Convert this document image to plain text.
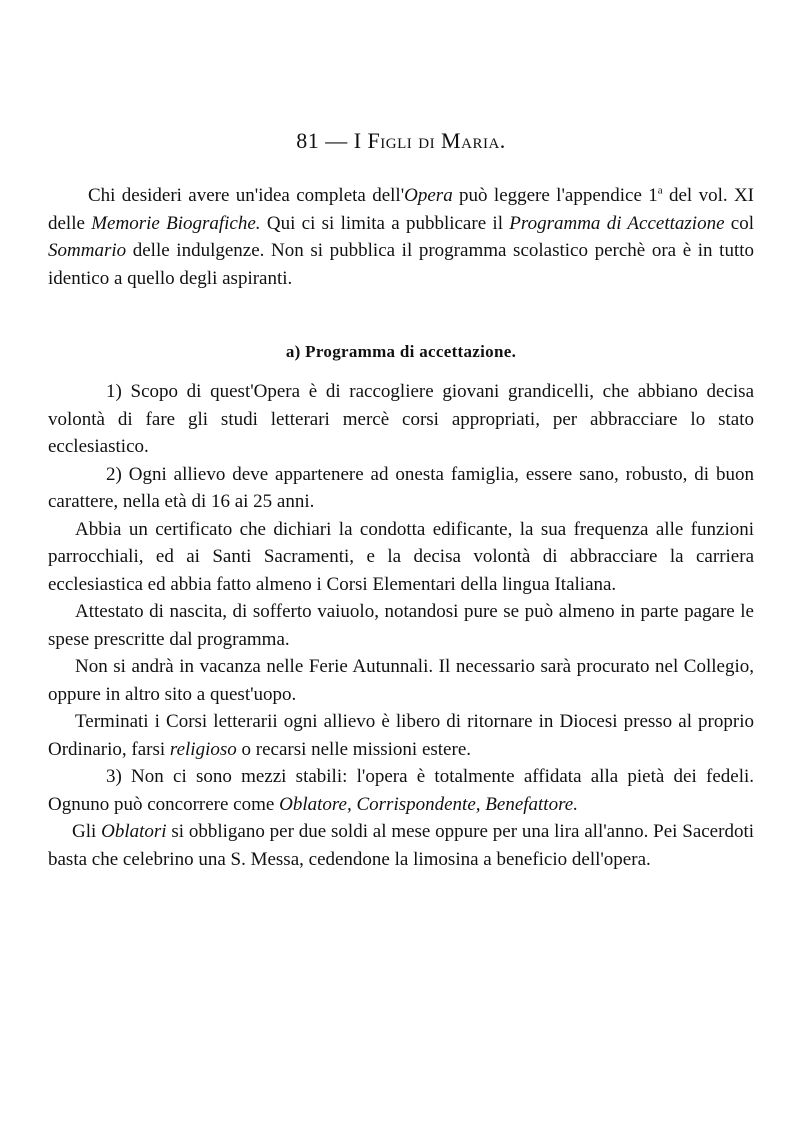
81 — I Figli di Maria.

Chi desideri avere un'idea completa dell'Opera può leggere l'appendice 1$^a$ del vol. XI delle Memorie Biografiche. Qui ci si limita a pubblicare il Programma di Accettazione col Sommario delle indulgenze. Non si pubblica il programma scolastico perchè ora è in tutto identico a quello degli aspiranti.

a) Programma di accettazione.

1) Scopo di quest'Opera è di raccogliere giovani grandicelli, che abbiano decisa volontà di fare gli studi letterari mercè corsi appropriati, per abbracciare lo stato ecclesiastico.

2) Ogni allievo deve appartenere ad onesta famiglia, essere sano, robusto, di buon carattere, nella età di 16 ai 25 anni.

Abbia un certificato che dichiari la condotta edificante, la sua frequenza alle funzioni parrocchiali, ed ai Santi Sacramenti, e la decisa volontà di abbracciare la carriera ecclesiastica ed abbia fatto almeno i Corsi Elementari della lingua Italiana.

Attestato di nascita, di sofferto vaiuolo, notandosi pure se può almeno in parte pagare le spese prescritte dal programma.

Non si andrà in vacanza nelle Ferie Autunnali. Il necessario sarà procurato nel Collegio, oppure in altro sito a quest'uopo.

Terminati i Corsi letterarii ogni allievo è libero di ritornare in Diocesi presso al proprio Ordinario, farsi religioso o recarsi nelle missioni estere.

3) Non ci sono mezzi stabili: l'opera è totalmente affidata alla pietà dei fedeli. Ognuno può concorrere come Oblatore, Corrispondente, Benefattore.

Gli Oblatori si obbligano per due soldi al mese oppure per una lira all'anno. Pei Sacerdoti basta che celebrino una S. Messa, cedendone la limosina a beneficio dell'opera.
